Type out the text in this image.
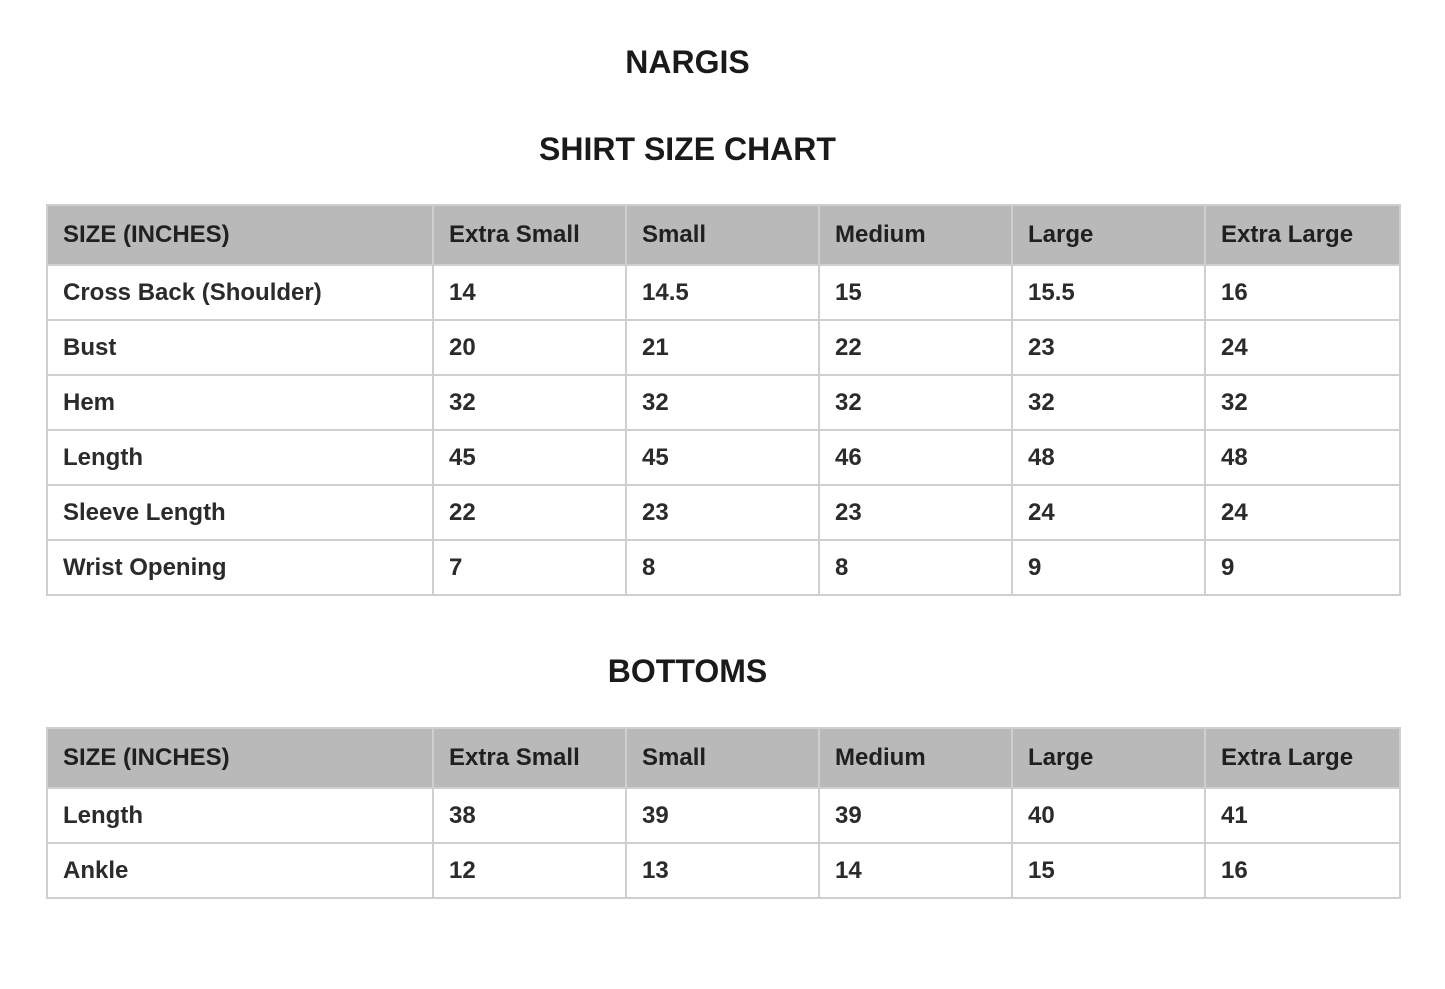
NARGIS
SHIRT SIZE CHART
SIZE (INCHES)	Extra Small	Small	Medium	Large	Extra Large
Cross Back (Shoulder)	14	14.5	15	15.5	16
Bust	20	21	22	23	24
Hem	32	32	32	32	32
Length	45	45	46	48	48
Sleeve Length	22	23	23	24	24
Wrist Opening	7	8	8	9	9
BOTTOMS
SIZE (INCHES)	Extra Small	Small	Medium	Large	Extra Large
Length	38	39	39	40	41
Ankle	12	13	14	15	16
